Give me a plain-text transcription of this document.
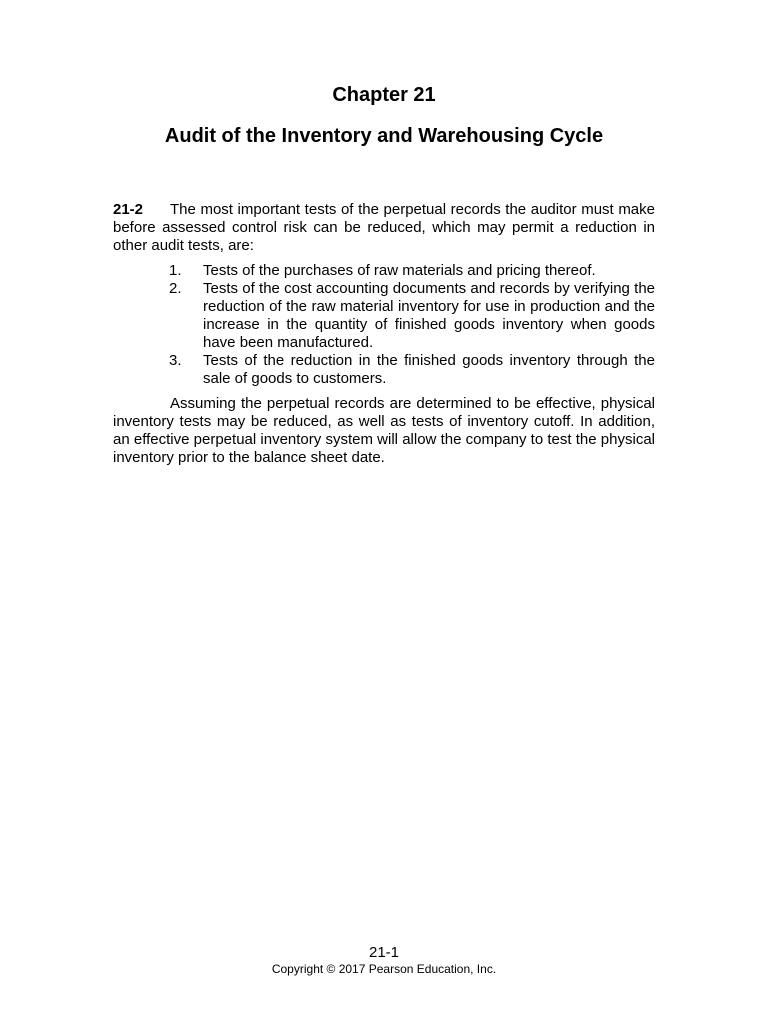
Chapter 21
Audit of the Inventory and Warehousing Cycle
21-2 The most important tests of the perpetual records the auditor must make before assessed control risk can be reduced, which may permit a reduction in other audit tests, are:
1.	Tests of the purchases of raw materials and pricing thereof.
2.	Tests of the cost accounting documents and records by verifying the reduction of the raw material inventory for use in production and the increase in the quantity of finished goods inventory when goods have been manufactured.
3.	Tests of the reduction in the finished goods inventory through the sale of goods to customers.
Assuming the perpetual records are determined to be effective, physical inventory tests may be reduced, as well as tests of inventory cutoff. In addition, an effective perpetual inventory system will allow the company to test the physical inventory prior to the balance sheet date.
21-1
Copyright © 2017 Pearson Education, Inc.
